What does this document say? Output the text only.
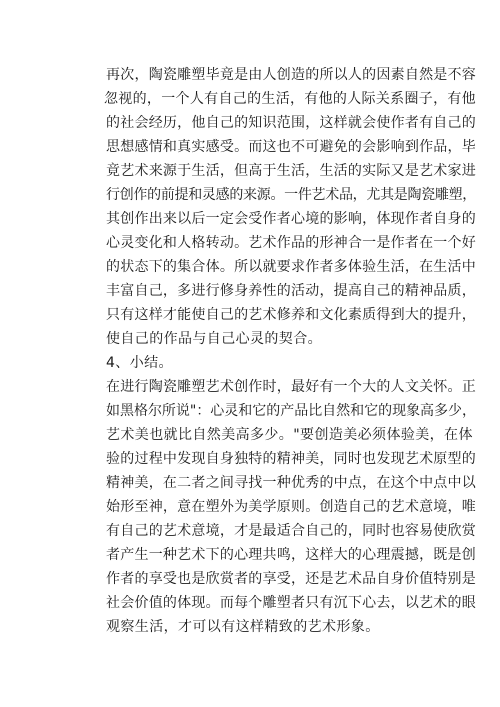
再次，陶瓷雕塑毕竟是由人创造的所以人的因素自然是不容
忽视的，一个人有自己的生活，有他的人际关系圈子，有他
的社会经历，他自己的知识范围，这样就会使作者有自己的
思想感情和真实感受。而这也不可避免的会影响到作品，毕
竟艺术来源于生活，但高于生活，生活的实际又是艺术家进
行创作的前提和灵感的来源。一件艺术品，尤其是陶瓷雕塑，
其创作出来以后一定会受作者心境的影响，体现作者自身的
心灵变化和人格转动。艺术作品的形神合一是作者在一个好
的状态下的集合体。所以就要求作者多体验生活，在生活中
丰富自己，多进行修身养性的活动，提高自己的精神品质，
只有这样才能使自己的艺术修养和文化素质得到大的提升，
使自己的作品与自己心灵的契合。
4、小结。
在进行陶瓷雕塑艺术创作时，最好有一个大的人文关怀。正
如黑格尔所说"：心灵和它的产品比自然和它的现象高多少，
艺术美也就比自然美高多少。"要创造美必须体验美，在体
验的过程中发现自身独特的精神美，同时也发现艺术原型的
精神美，在二者之间寻找一种优秀的中点，在这个中点中以
始形至神，意在塑外为美学原则。创造自己的艺术意境，唯
有自己的艺术意境，才是最适合自己的，同时也容易使欣赏
者产生一种艺术下的心理共鸣，这样大的心理震撼，既是创
作者的享受也是欣赏者的享受，还是艺术品自身价值特别是
社会价值的体现。而每个雕塑者只有沉下心去，以艺术的眼
观察生活，才可以有这样精致的艺术形象。
